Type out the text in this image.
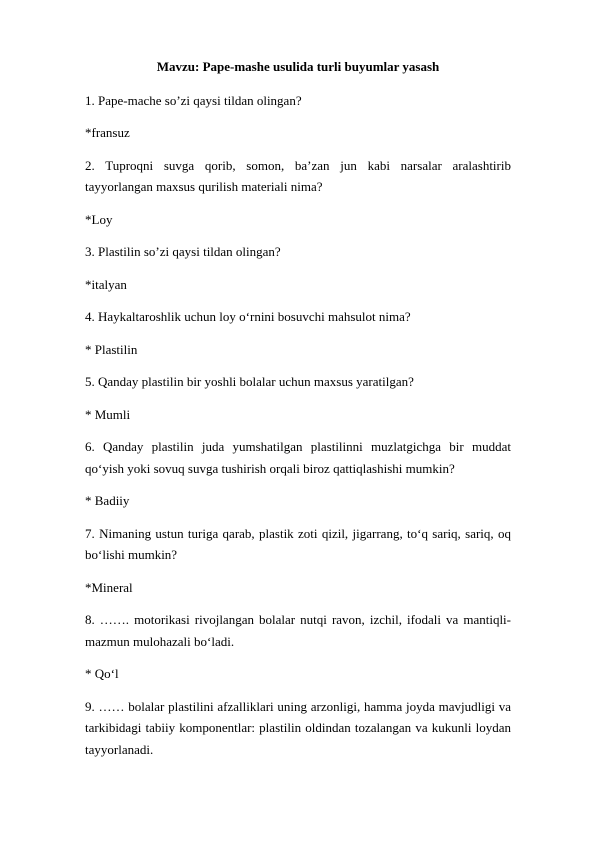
Mavzu: Pape-mashe usulida turli buyumlar yasash

1. Pape-mache so’zi qaysi tildan olingan?

*fransuz

2. Tuproqni suvga qorib, somon, ba’zan jun kabi narsalar aralashtirib tayyorlangan maxsus qurilish materiali nima?

*Loy

3. Plastilin so’zi qaysi tildan olingan?

*italyan

4. Haykaltaroshlik uchun loy o‘rnini bosuvchi mahsulot nima?

* Plastilin

5. Qanday plastilin bir yoshli bolalar uchun maxsus yaratilgan?

* Mumli

6. Qanday plastilin juda yumshatilgan plastilinni muzlatgichga bir muddat qo‘yish yoki sovuq suvga tushirish orqali biroz qattiqlashishi mumkin?

* Badiiy

7. Nimaning ustun turiga qarab, plastik zoti qizil, jigarrang, to‘q sariq, sariq, oq bo‘lishi mumkin?

*Mineral

8. ……. motorikasi rivojlangan bolalar nutqi ravon, izchil, ifodali va mantiqli-mazmun mulohazali bo‘ladi.

* Qo‘l

9. …… bolalar plastilini afzalliklari uning arzonligi, hamma joyda mavjudligi va tarkibidagi tabiiy komponentlar: plastilin oldindan tozalangan va kukunli loydan tayyorlanadi.
